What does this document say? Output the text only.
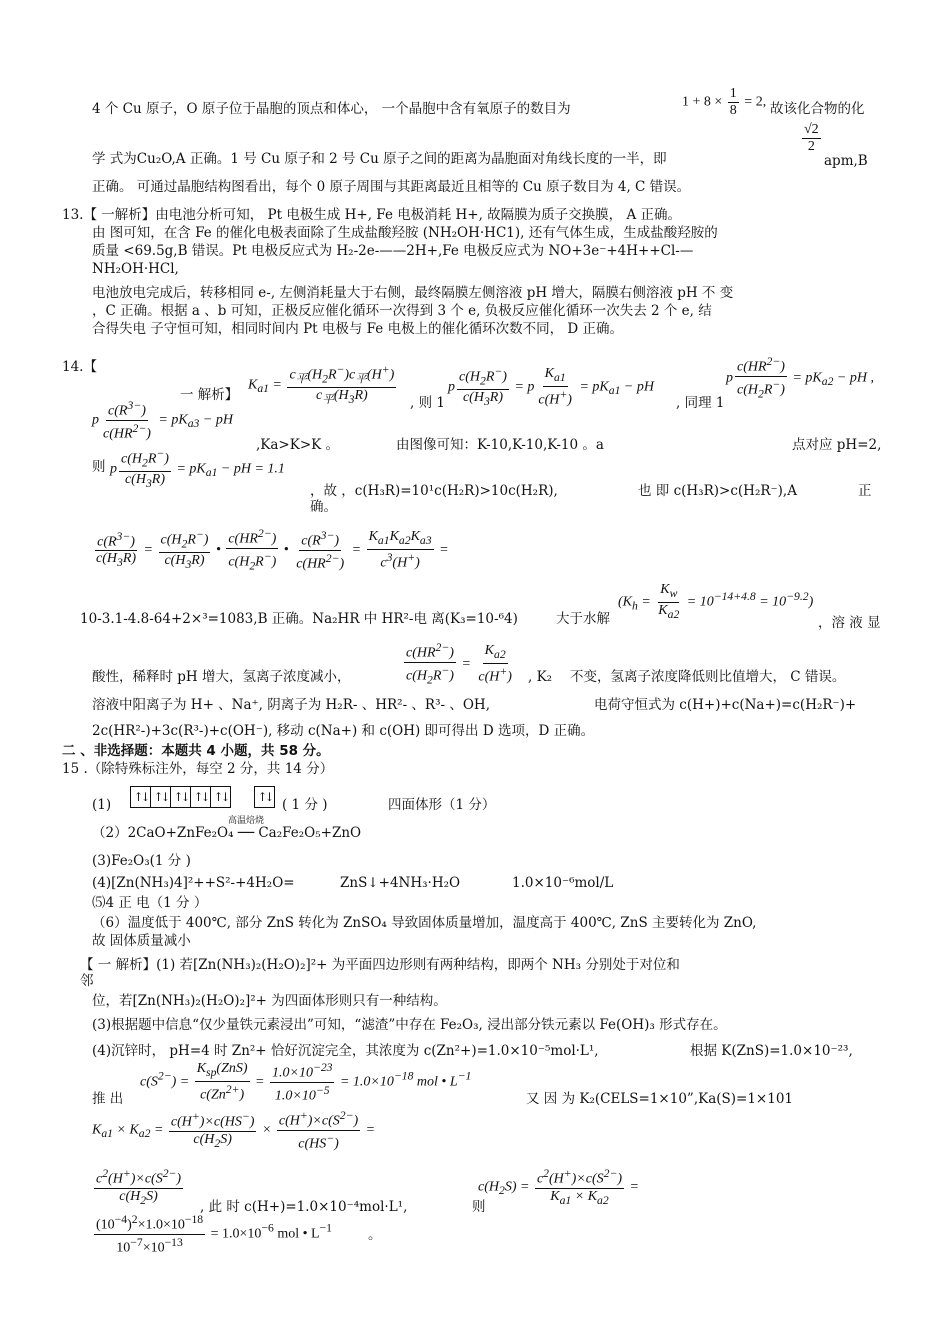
4 个 Cu 原子，O 原子位于晶胞的顶点和体心， 一个晶胞中含有氧原子的数目为	$1 + 8 \times \frac{1}{8} = 2$, 故该化合物的化
学 式为Cu₂O,A 正确。1 号 Cu 原子和 2 号 Cu 原子之间的距离为晶胞面对角线长度的一半，即
$\frac{√2}{2}$
apm,B
正确。 可通过晶胞结构图看出，每个 0 原子周围与其距离最近且相等的 Cu 原子数目为 4, C 错误。
13.【 一解析】由电池分析可知， Pt 电极生成 H+, Fe 电极消耗 H+, 故隔膜为质子交换膜， A 正确。
由 图可知，在含 Fe 的催化电极表面除了生成盐酸羟胺 (NH₂OH·HC1), 还有气体生成，生成盐酸羟胺的
质量 <69.5g,B 错误。Pt 电极反应式为 H₂-2e-——2H+,Fe 电极反应式为 NO+3e⁻+4H++Cl-—
NH₂OH·HCl,
电池放电完成后，转移相同 e-, 左侧消耗量大于右侧，最终隔膜左侧溶液 pH 增大，隔膜右侧溶液 pH 不 变
，C 正确。根据 a 、b 可知，正极反应催化循环一次得到 3 个 e, 负极反应催化循环一次失去 2 个 e, 结
合得失电 子守恒可知，相同时间内 Pt 电极与 Fe 电极上的催化循环次数不同， D 正确。
14.【
一 解析】
$K_{a1} = \frac{c_平(H_2R^-)c_平(H^+)}{c_平(H_3R)}$ , 则 1
p $\frac{c(H_2R^-)}{c(H_3R)} = p \frac{K_{a1}}{c(H^+)} = pK_{a1}$ − pH
, 同理 1
p $\frac{c(HR^{2-})}{c(H_2R^-)} = pK_{a2}$ − pH ,
p $\frac{c(R^{3-})}{c(HR^{2-})} = pK_{a3}$ − pH
,Ka>K>K 。	由图像可知：K-10,K-10,K-10 。a	点对应 pH=2,
则 p $\frac{c(H_2R^-)}{c(H_3R)} = pK_{a1}$ − pH = 1.1
，故 ，c(H₃R)=10¹c(H₂R)>10c(H₂R),	也 即 c(H₃R)>c(H₂R⁻),A	正
确。
$\frac{c(R^{3-})}{c(H_3R)} = \frac{c(H_2R^-)}{c(H_3R)}$ • $\frac{c(HR^{2-})}{c(H_2R^-)}$ • $\frac{c(R^{3-})}{c(HR^{2-})} = \frac{K_{a1}K_{a2}K_{a3}}{c^3(H^+)}$ =
10-3.1-4.8-64+2×³=1083,B 正确。Na₂HR 中 HR²-电 离(K₃=10-⁶4)	大于水解
$(K_h = \frac{K_w}{K_{a2}} = 10^{-14+4.8} = 10^{-9.2})$
，溶 液 显
酸性，稀释时 pH 增大，氢离子浓度减小，	$\frac{c(HR^{2-})}{c(H_2R^-)} = \frac{K_{a2}}{c(H^+)}$ , K₂ 不变，氢离子浓度降低则比值增大， C 错误。
溶液中阳离子为 H+ 、Na⁺, 阴离子为 H₂R- 、HR²- 、R³- 、OH,	电荷守恒式为 c(H+)+c(Na+)=c(H₂R⁻)+
2c(HR²-)+3c(R³-)+c(OH⁻), 移动 c(Na+) 和 c(OH) 即可得出 D 选项，D 正确。
二 、非选择题：本题共 4 小题，共 58 分。
15 .（除特殊标注外，每空 2 分，共 14 分）
(1) ↑↓ ↑↓ ↑↓ ↑↓ ↑↓ ↑↓ ( 1 分 )	四面体形（1 分）
高温焙烧
（2）2CaO+ZnFe₂O₄ ── Ca₂Fe₂O₅+ZnO
(3)Fe₂O₃(1 分 )
(4)[Zn(NH₃)4]²++S²-+4H₂O=	ZnS↓+4NH₃·H₂O	1.0×10⁻⁶mol/L
⑸4 正 电（1 分 ）
（6）温度低于 400℃, 部分 ZnS 转化为 ZnSO₄ 导致固体质量增加，温度高于 400℃, ZnS 主要转化为 ZnO,
故 固体质量减小
【 一 解析】(1) 若[Zn(NH₃)₂(H₂O)₂]²+ 为平面四边形则有两种结构，即两个 NH₃ 分别处于对位和
邻
位，若[Zn(NH₃)₂(H₂O)₂]²+ 为四面体形则只有一种结构。
(3)根据题中信息“仅少量铁元素浸出”可知，“滤渣”中存在 Fe₂O₃, 浸出部分铁元素以 Fe(OH)₃ 形式存在。
(4)沉锌时， pH=4 时 Zn²+ 恰好沉淀完全，其浓度为 c(Zn²+)=1.0×10⁻⁵mol·L¹,	根据 K(ZnS)=1.0×10⁻²³,
推 出
$c(S^{2-}) = \frac{K_{sp}(ZnS)}{c(Zn^{2+})} = \frac{1.0\times 10^{-23}}{1.0\times 10^{-5}} = 1.0\times 10^{-18}$ mol • $L^{-1}$
又 因 为 K₂(CELS=1×10”,Ka(S)=1×101
$K_{a1} \times K_{a2} = \frac{c(H^+)\times c(HS^-)}{c(H_2S)} \times \frac{c(H^+)\times c(S^{2-})}{c(HS^-)}$ =
$\frac{c^2(H^+)\times c(S^{2-})}{c(H_2S)}$ , 此 时 c(H+)=1.0×10⁻⁴mol·L¹,	则
$c(H_2S) = \frac{c^2(H^+)\times c(S^{2-})}{K_{a1} \times K_{a2}}$ =
$\frac{(10^{-4})^2\times 1.0\times 10^{-18}}{10^{-7}\times 10^{-13}} = 1.0\times 10^{-6}$ mol • $L^{-1}$	。
